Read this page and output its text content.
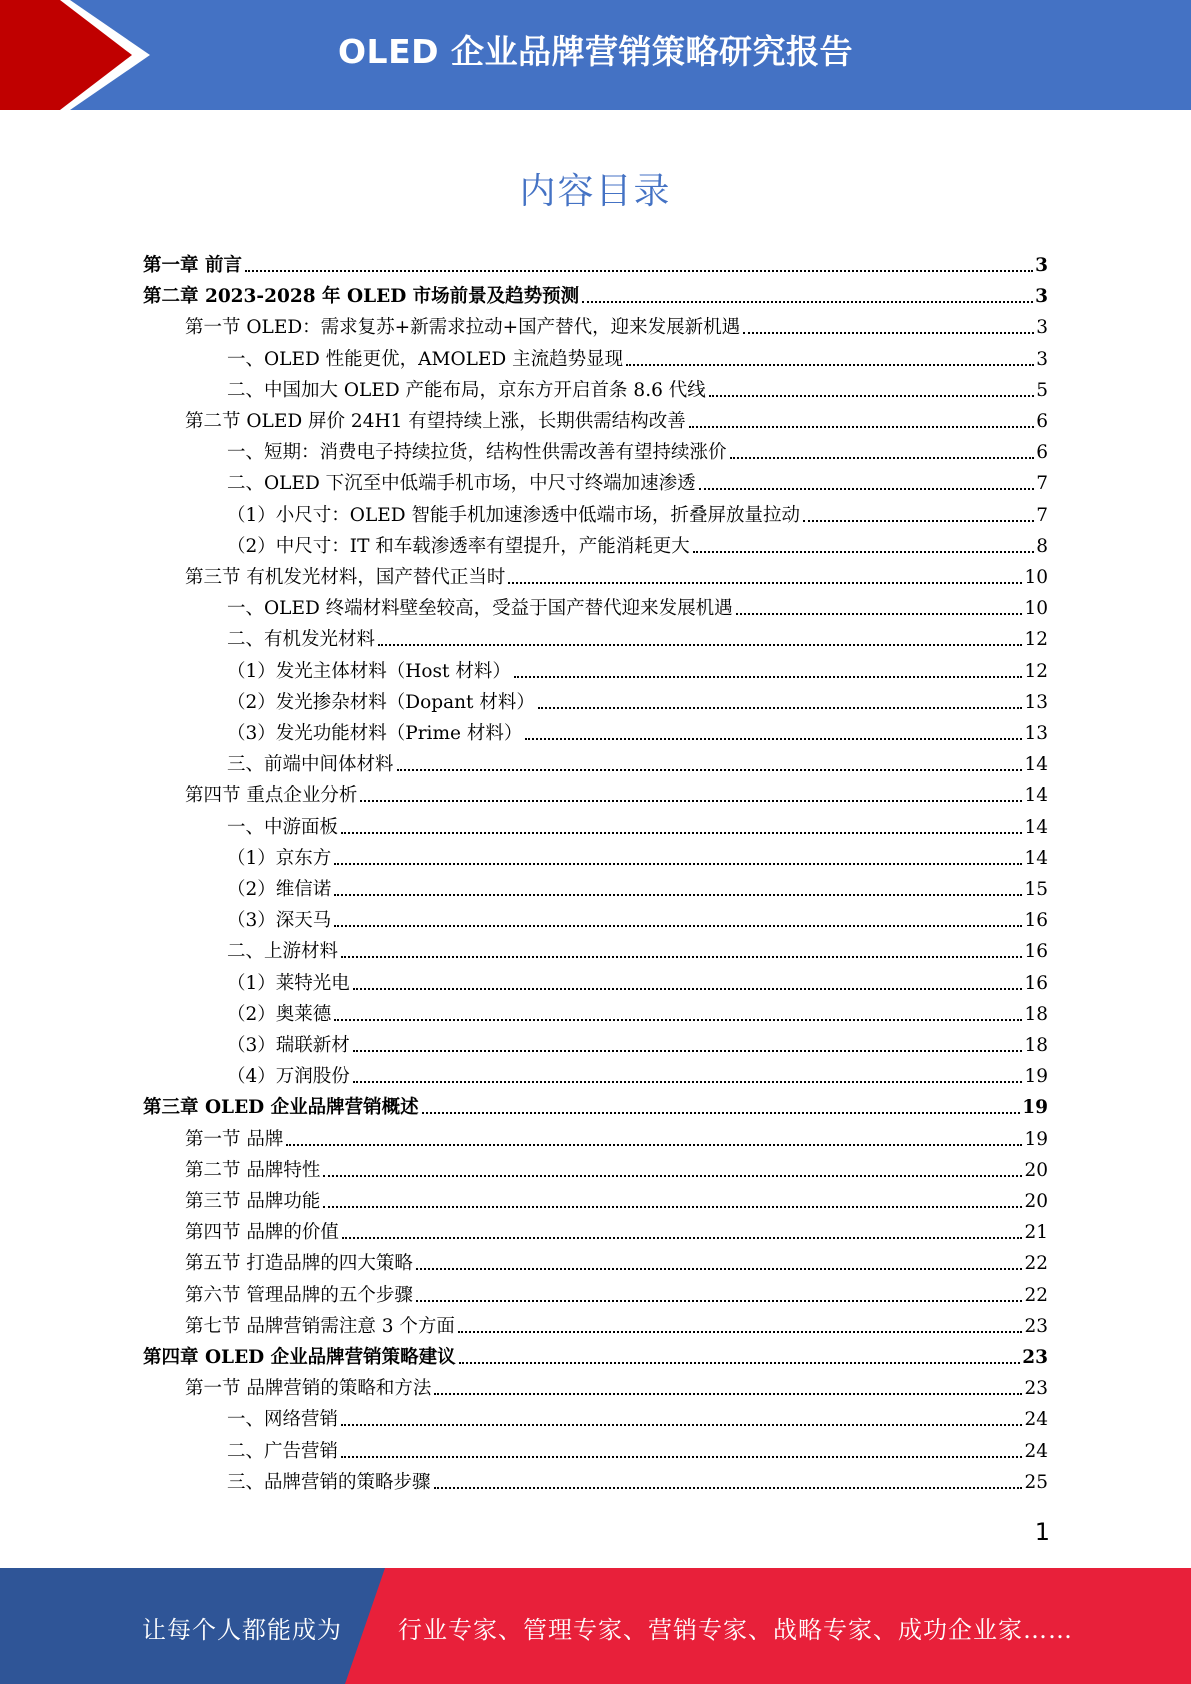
OLED 企业品牌营销策略研究报告
内容目录
第一章 前言	3
第二章 2023-2028 年 OLED 市场前景及趋势预测	3
第一节 OLED：需求复苏+新需求拉动+国产替代，迎来发展新机遇	3
一、OLED 性能更优，AMOLED 主流趋势显现	3
二、中国加大 OLED 产能布局，京东方开启首条 8.6 代线	5
第二节 OLED 屏价 24H1 有望持续上涨，长期供需结构改善	6
一、短期：消费电子持续拉货，结构性供需改善有望持续涨价	6
二、OLED 下沉至中低端手机市场，中尺寸终端加速渗透	7
（1）小尺寸：OLED 智能手机加速渗透中低端市场，折叠屏放量拉动	7
（2）中尺寸：IT 和车载渗透率有望提升，产能消耗更大	8
第三节 有机发光材料，国产替代正当时	10
一、OLED 终端材料壁垒较高，受益于国产替代迎来发展机遇	10
二、有机发光材料	12
（1）发光主体材料（Host 材料）	12
（2）发光掺杂材料（Dopant 材料）	13
（3）发光功能材料（Prime 材料）	13
三、前端中间体材料	14
第四节 重点企业分析	14
一、中游面板	14
（1）京东方	14
（2）维信诺	15
（3）深天马	16
二、上游材料	16
（1）莱特光电	16
（2）奥莱德	18
（3）瑞联新材	18
（4）万润股份	19
第三章 OLED 企业品牌营销概述	19
第一节 品牌	19
第二节 品牌特性	20
第三节 品牌功能	20
第四节 品牌的价值	21
第五节 打造品牌的四大策略	22
第六节 管理品牌的五个步骤	22
第七节 品牌营销需注意 3 个方面	23
第四章 OLED 企业品牌营销策略建议	23
第一节 品牌营销的策略和方法	23
一、网络营销	24
二、广告营销	24
三、品牌营销的策略步骤	25
1
让每个人都能成为 行业专家、管理专家、营销专家、战略专家、成功企业家……
